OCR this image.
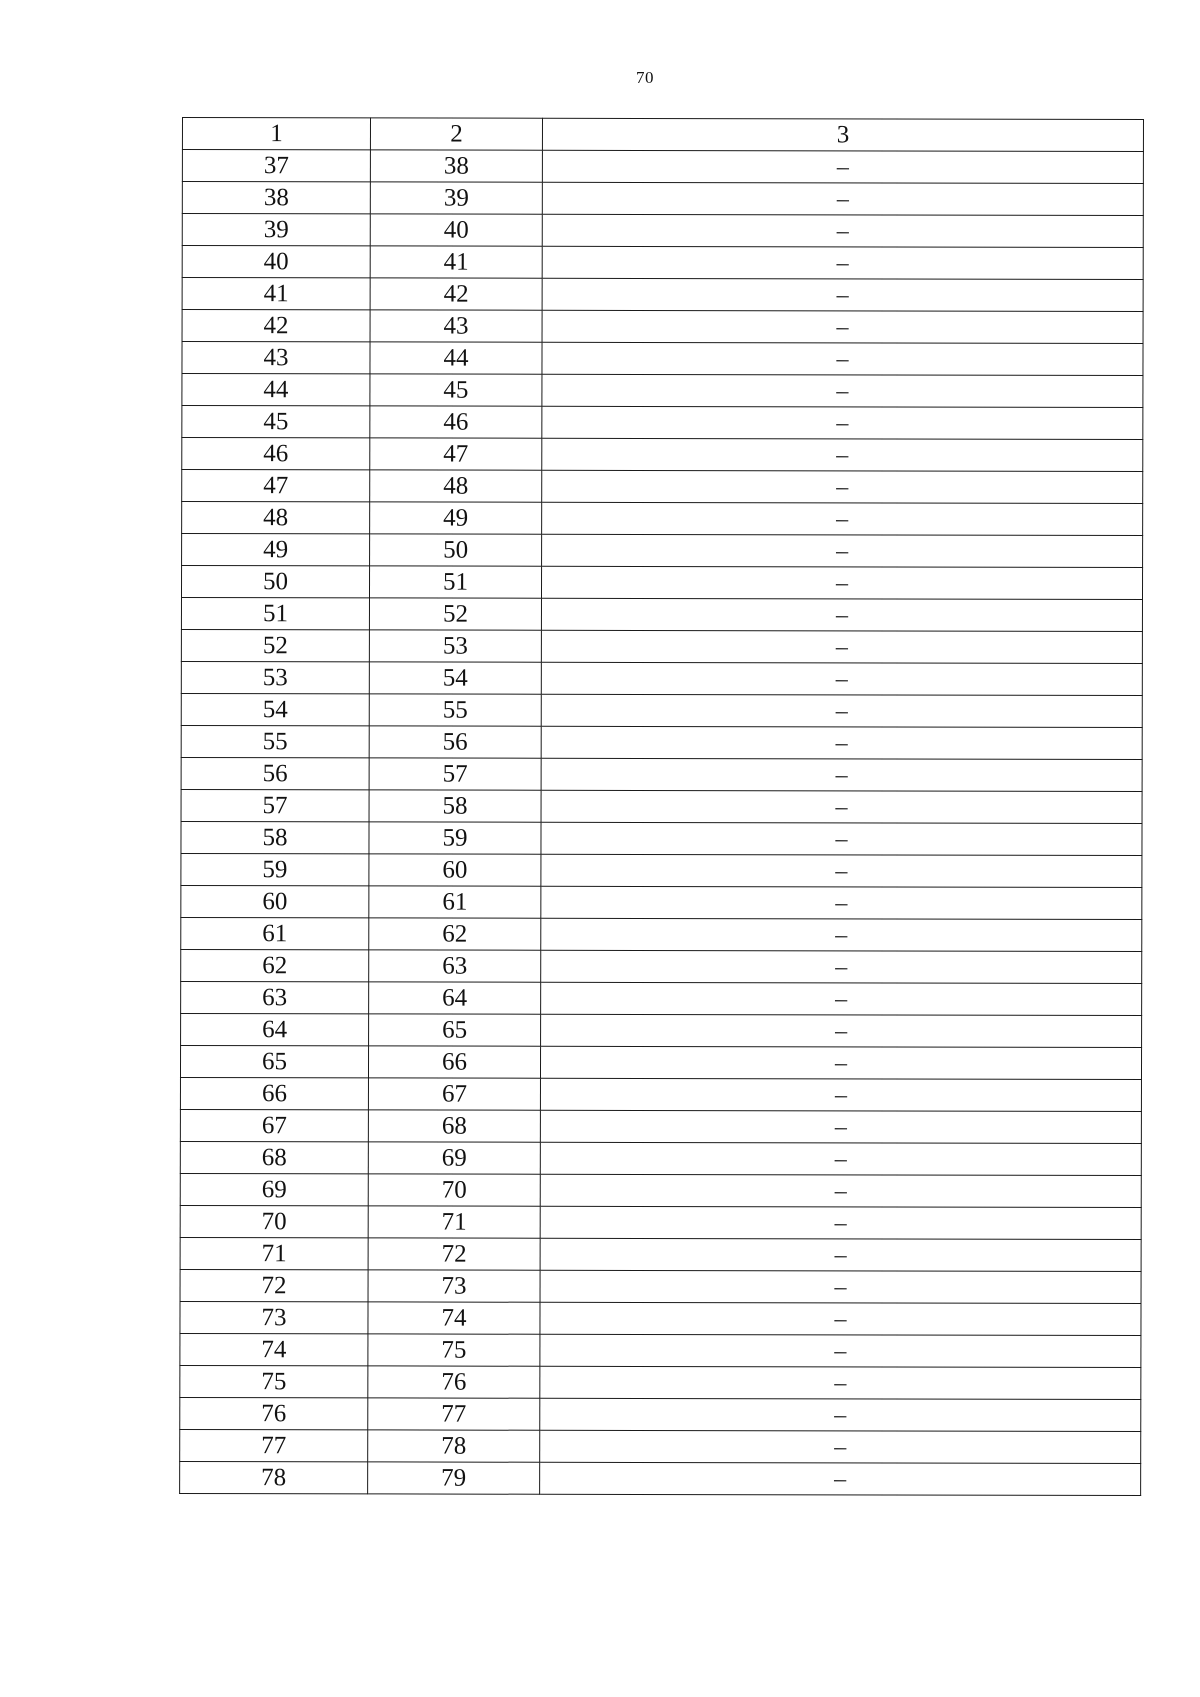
70
1	2	3
37	38	–
38	39	–
39	40	–
40	41	–
41	42	–
42	43	–
43	44	–
44	45	–
45	46	–
46	47	–
47	48	–
48	49	–
49	50	–
50	51	–
51	52	–
52	53	–
53	54	–
54	55	–
55	56	–
56	57	–
57	58	–
58	59	–
59	60	–
60	61	–
61	62	–
62	63	–
63	64	–
64	65	–
65	66	–
66	67	–
67	68	–
68	69	–
69	70	–
70	71	–
71	72	–
72	73	–
73	74	–
74	75	–
75	76	–
76	77	–
77	78	–
78	79	–
